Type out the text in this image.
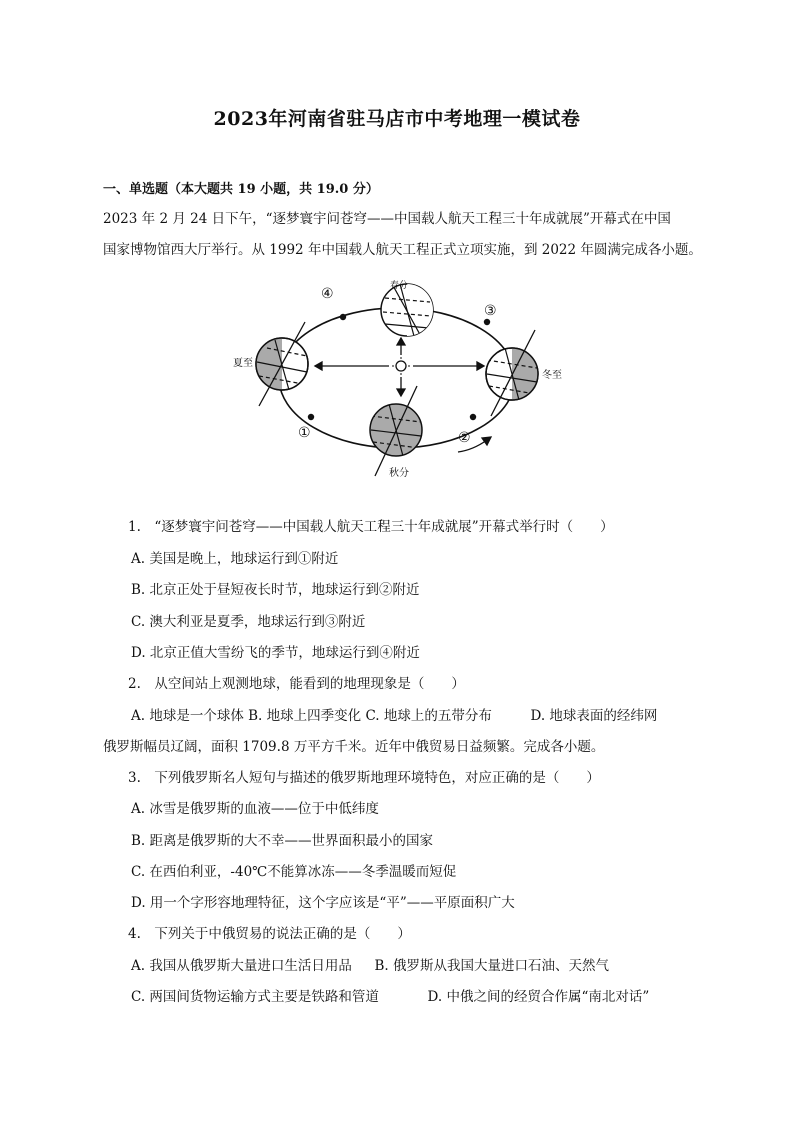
2023年河南省驻马店市中考地理一模试卷
一、单选题（本大题共 19 小题，共 19.0 分）
2023 年 2 月 24 日下午，“逐梦寰宇问苍穹——中国载人航天工程三十年成就展”开幕式在中国
国家博物馆西大厅举行。从 1992 年中国载人航天工程正式立项实施，到 2022 年圆满完成各小题。
春分
夏至
冬至
秋分
①	②
③
④
1.　“逐梦寰宇问苍穹——中国载人航天工程三十年成就展”开幕式举行时（　　）
A. 美国是晚上，地球运行到①附近
B. 北京正处于昼短夜长时节，地球运行到②附近
C. 澳大利亚是夏季，地球运行到③附近
D. 北京正值大雪纷飞的季节，地球运行到④附近
2.　从空间站上观测地球，能看到的地理现象是（　　）
A. 地球是一个球体 B. 地球上四季变化 C. 地球上的五带分布	D. 地球表面的经纬网
俄罗斯幅员辽阔，面积 1709.8 万平方千米。近年中俄贸易日益频繁。完成各小题。
3.　下列俄罗斯名人短句与描述的俄罗斯地理环境特色，对应正确的是（　　）
A. 冰雪是俄罗斯的血液——位于中低纬度
B. 距离是俄罗斯的大不幸——世界面积最小的国家
C. 在西伯利亚，-40℃不能算冰冻——冬季温暖而短促
D. 用一个字形容地理特征，这个字应该是“平”——平原面积广大
4.　下列关于中俄贸易的说法正确的是（　　）
A. 我国从俄罗斯大量进口生活日用品 B. 俄罗斯从我国大量进口石油、天然气
C. 两国间货物运输方式主要是铁路和管道	D. 中俄之间的经贸合作属“南北对话”
